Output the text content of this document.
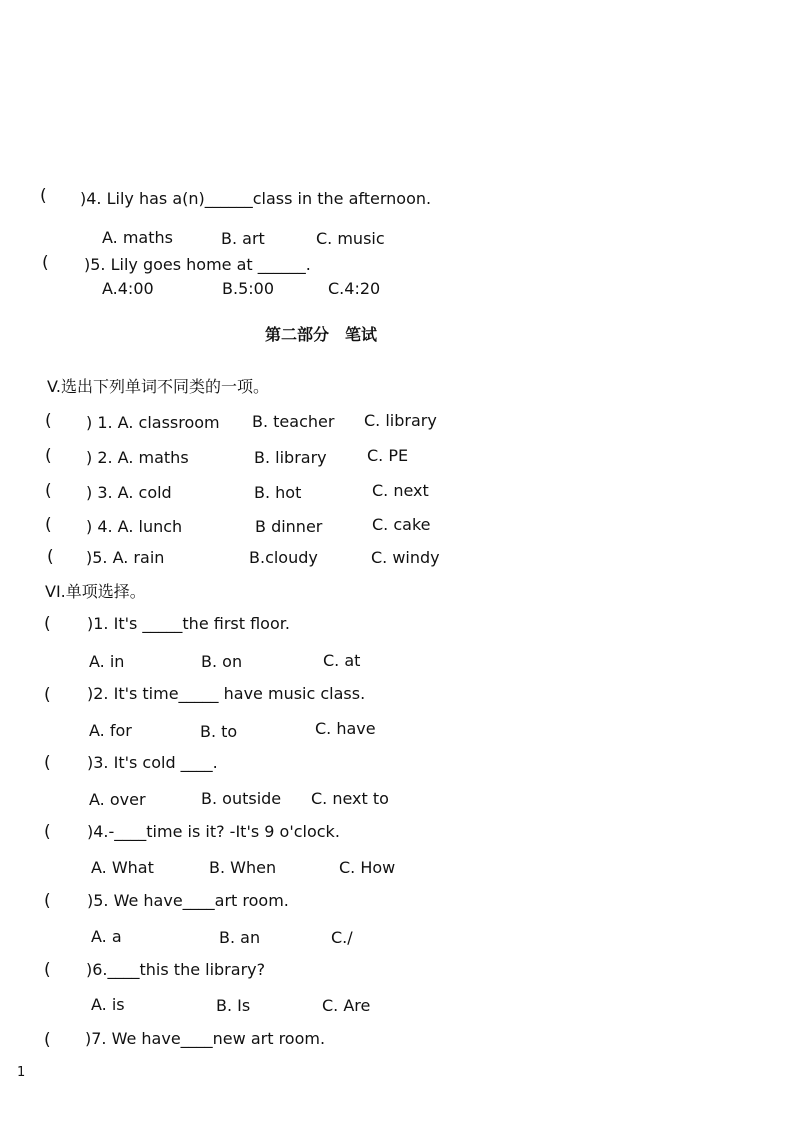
( )4. Lily has a(n)______class in the afternoon.
A. maths	B. art	C. music
( )5. Lily goes home at ______.
A.4:00	B.5:00	C.4:20
第二部分　笔试
V.选出下列单词不同类的一项。
( ) 1. A. classroom B. teacher C. library
( ) 2. A. maths	B. library	C. PE
( ) 3. A. cold	B. hot	C. next
( ) 4. A. lunch	B dinner	C. cake
( )5. A. rain	B.cloudy	C. windy
VI.单项选择。
( )1. It's _____the first floor.
A. in	B. on	C. at
( )2. It's time_____ have music class.
A. for	B. to	C. have
( )3. It's cold ____.
A. over	B. outside C. next to
( )4.-____time is it? -It's 9 o'clock.
A. What	B. When	C. How
( )5. We have____art room.
A. a	B. an	C./
( )6.____this the library?
A. is	B. Is	C. Are
( )7. We have____new art room.
1
